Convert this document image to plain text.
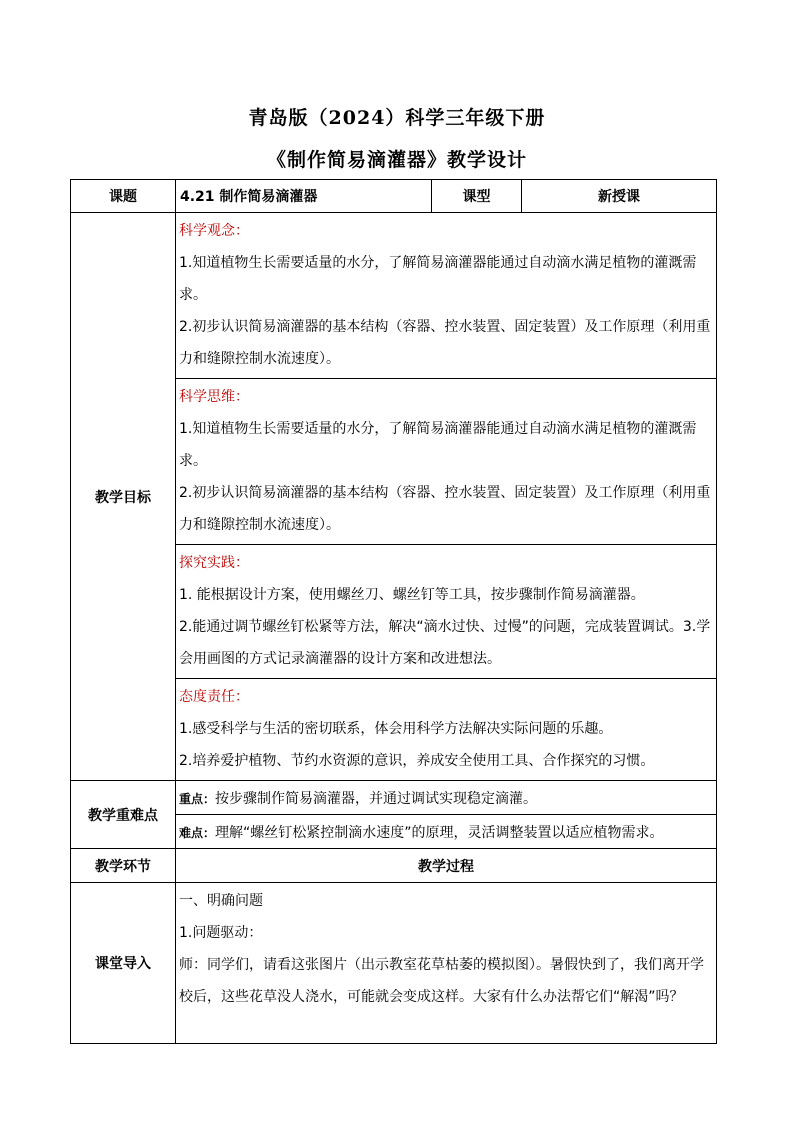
青岛版（2024）科学三年级下册
《制作简易滴灌器》教学设计
课题	4.21 制作简易滴灌器	课型	新授课
教学目标	科学观念：
1.知道植物生长需要适量的水分，了解简易滴灌器能通过自动滴水满足植物的灌溉需求。
2.初步认识简易滴灌器的基本结构（容器、控水装置、固定装置）及工作原理（利用重力和缝隙控制水流速度）。		

	科学思维：
1.知道植物生长需要适量的水分，了解简易滴灌器能通过自动滴水满足植物的灌溉需求。
2.初步认识简易滴灌器的基本结构（容器、控水装置、固定装置）及工作原理（利用重力和缝隙控制水流速度）。		

	探究实践：
1. 能根据设计方案，使用螺丝刀、螺丝钉等工具，按步骤制作简易滴灌器。
2.能通过调节螺丝钉松紧等方法，解决“滴水过快、过慢”的问题，完成装置调试。3.学会用画图的方式记录滴灌器的设计方案和改进想法。		

	态度责任：
1.感受科学与生活的密切联系，体会用科学方法解决实际问题的乐趣。
2.培养爱护植物、节约水资源的意识，养成安全使用工具、合作探究的习惯。		

教学重难点	重点：按步骤制作简易滴灌器，并通过调试实现稳定滴灌。		
	难点：理解“螺丝钉松紧控制滴水速度”的原理，灵活调整装置以适应植物需求。		
教学环节	教学过程		
课堂导入	一、明确问题
1.问题驱动：
师：同学们，请看这张图片（出示教室花草枯萎的模拟图）。暑假快到了，我们离开学校后，这些花草没人浇水，可能就会变成这样。大家有什么办法帮它们“解渴”吗？		
